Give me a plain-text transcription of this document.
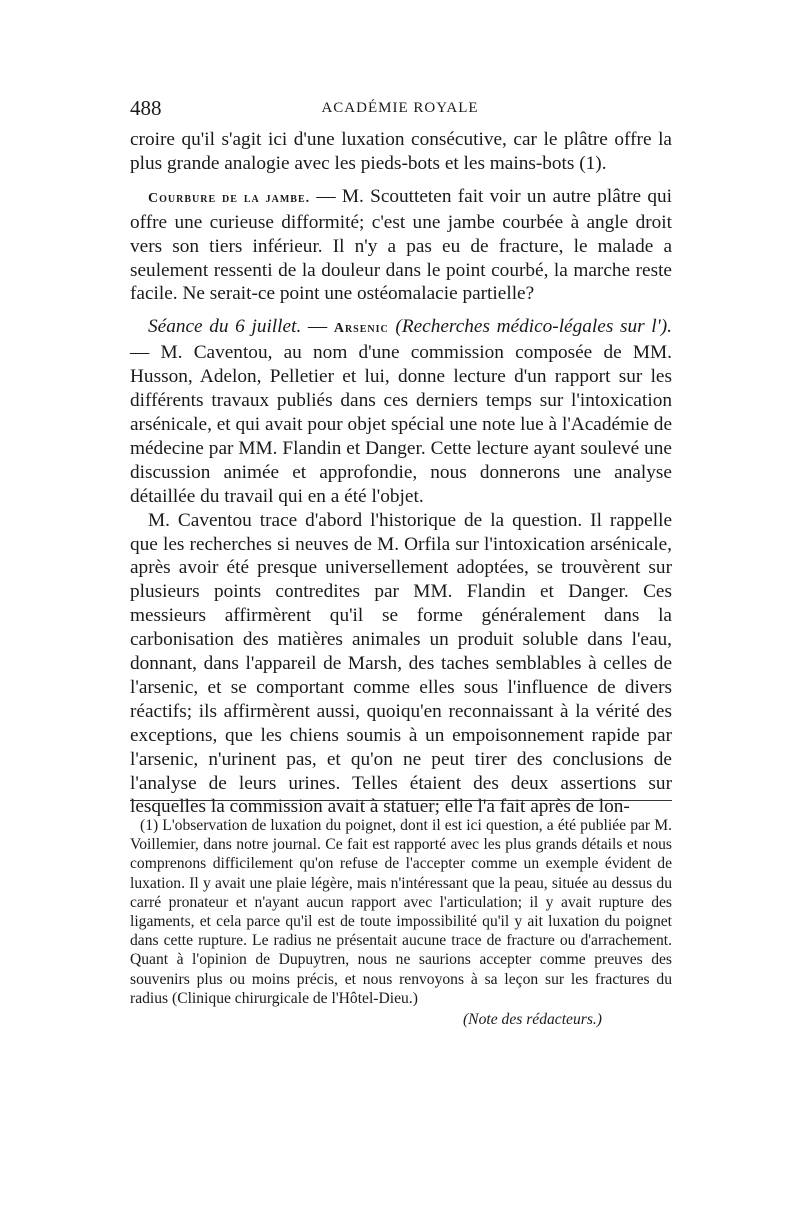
488	ACADÉMIE ROYALE

croire qu'il s'agit ici d'une luxation consécutive, car le plâtre offre la plus grande analogie avec les pieds-bots et les mains-bots (1).

Courbure de la jambe. — M. Scoutteten fait voir un autre plâtre qui offre une curieuse difformité; c'est une jambe courbée à angle droit vers son tiers inférieur. Il n'y a pas eu de fracture, le malade a seulement ressenti de la douleur dans le point courbé, la marche reste facile. Ne serait-ce point une ostéomalacie partielle?

Séance du 6 juillet. — Arsenic (Recherches médico-légales sur l'). — M. Caventou, au nom d'une commission composée de MM. Husson, Adelon, Pelletier et lui, donne lecture d'un rapport sur les différents travaux publiés dans ces derniers temps sur l'intoxication arsénicale, et qui avait pour objet spécial une note lue à l'Académie de médecine par MM. Flandin et Danger. Cette lecture ayant soulevé une discussion animée et approfondie, nous donnerons une analyse détaillée du travail qui en a été l'objet.

M. Caventou trace d'abord l'historique de la question. Il rappelle que les recherches si neuves de M. Orfila sur l'intoxication arsénicale, après avoir été presque universellement adoptées, se trouvèrent sur plusieurs points contredites par MM. Flandin et Danger. Ces messieurs affirmèrent qu'il se forme généralement dans la carbonisation des matières animales un produit soluble dans l'eau, donnant, dans l'appareil de Marsh, des taches semblables à celles de l'arsenic, et se comportant comme elles sous l'influence de divers réactifs; ils affirmèrent aussi, quoiqu'en reconnaissant à la vérité des exceptions, que les chiens soumis à un empoisonnement rapide par l'arsenic, n'urinent pas, et qu'on ne peut tirer des conclusions de l'analyse de leurs urines. Telles étaient des deux assertions sur lesquelles la commission avait à statuer; elle l'a fait après de lon-

(1) L'observation de luxation du poignet, dont il est ici question, a été publiée par M. Voillemier, dans notre journal. Ce fait est rapporté avec les plus grands détails et nous comprenons difficilement qu'on refuse de l'accepter comme un exemple évident de luxation. Il y avait une plaie légère, mais n'intéressant que la peau, située au dessus du carré pronateur et n'ayant aucun rapport avec l'articulation; il y avait rupture des ligaments, et cela parce qu'il est de toute impossibilité qu'il y ait luxation du poignet dans cette rupture. Le radius ne présentait aucune trace de fracture ou d'arrachement. Quant à l'opinion de Dupuytren, nous ne saurions accepter comme preuves des souvenirs plus ou moins précis, et nous renvoyons à sa leçon sur les fractures du radius (Clinique chirurgicale de l'Hôtel-Dieu.)

(Note des rédacteurs.)
